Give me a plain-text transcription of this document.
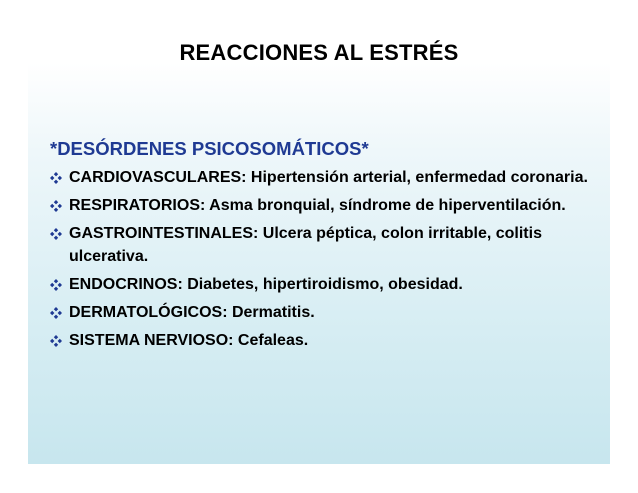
REACCIONES AL ESTRÉS
*DESÓRDENES PSICOSOMÁTICOS*
CARDIOVASCULARES: Hipertensión arterial, enfermedad coronaria.
RESPIRATORIOS: Asma bronquial, síndrome de hiperventilación.
GASTROINTESTINALES: Ulcera péptica, colon irritable, colitis ulcerativa.
ENDOCRINOS: Diabetes, hipertiroidismo, obesidad.
DERMATOLÓGICOS: Dermatitis.
SISTEMA NERVIOSO: Cefaleas.
